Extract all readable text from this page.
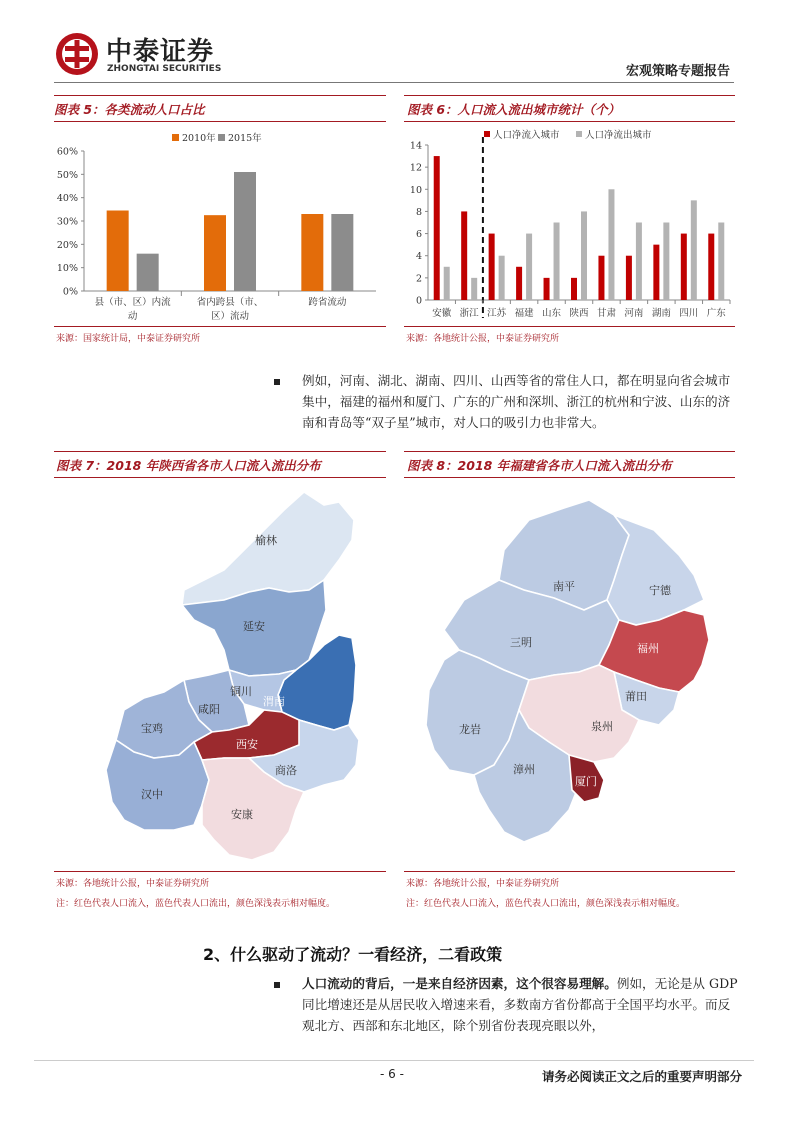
中泰证券
ZHONGTAI SECURITIES	宏观策略专题报告
图表 5：各类流动人口占比
2010年 2015年
0%
10%
20%
30%
40%
50%
60%
县（市、区）内流动
省内跨县（市、区）流动
跨省流动
来源：国家统计局，中泰证券研究所
图表 6：人口流入流出城市统计（个）
人口净流入城市	人口净流出城市
0
2
4
6
8
10
12
14
安徽 浙江 江苏 福建 山东 陕西 甘肃 河南 湖南 四川 广东
来源：各地统计公报，中泰证券研究所
例如，河南、湖北、湖南、四川、山西等省的常住人口，都在明显向省会城市集中，福建的福州和厦门、广东的广州和深圳、浙江的杭州和宁波、山东的济南和青岛等“双子星”城市，对人口的吸引力也非常大。
图表 7：2018 年陕西省各市人口流入流出分布
榆林
延安
铜川
渭南
咸阳
宝鸡
西安
商洛
汉中
安康
来源：各地统计公报，中泰证券研究所
注：红色代表人口流入，蓝色代表人口流出，颜色深浅表示相对幅度。
图表 8：2018 年福建省各市人口流入流出分布
南平	宁德
三明	福州
莆田
龙岩	泉州
漳州
厦门
来源：各地统计公报，中泰证券研究所
注：红色代表人口流入，蓝色代表人口流出，颜色深浅表示相对幅度。
2、什么驱动了流动？一看经济，二看政策
人口流动的背后，一是来自经济因素，这个很容易理解。例如，无论是从 GDP 同比增速还是从居民收入增速来看，多数南方省份都高于全国平均水平。而反观北方、西部和东北地区，除个别省份表现亮眼以外，
- 6 -	请务必阅读正文之后的重要声明部分
